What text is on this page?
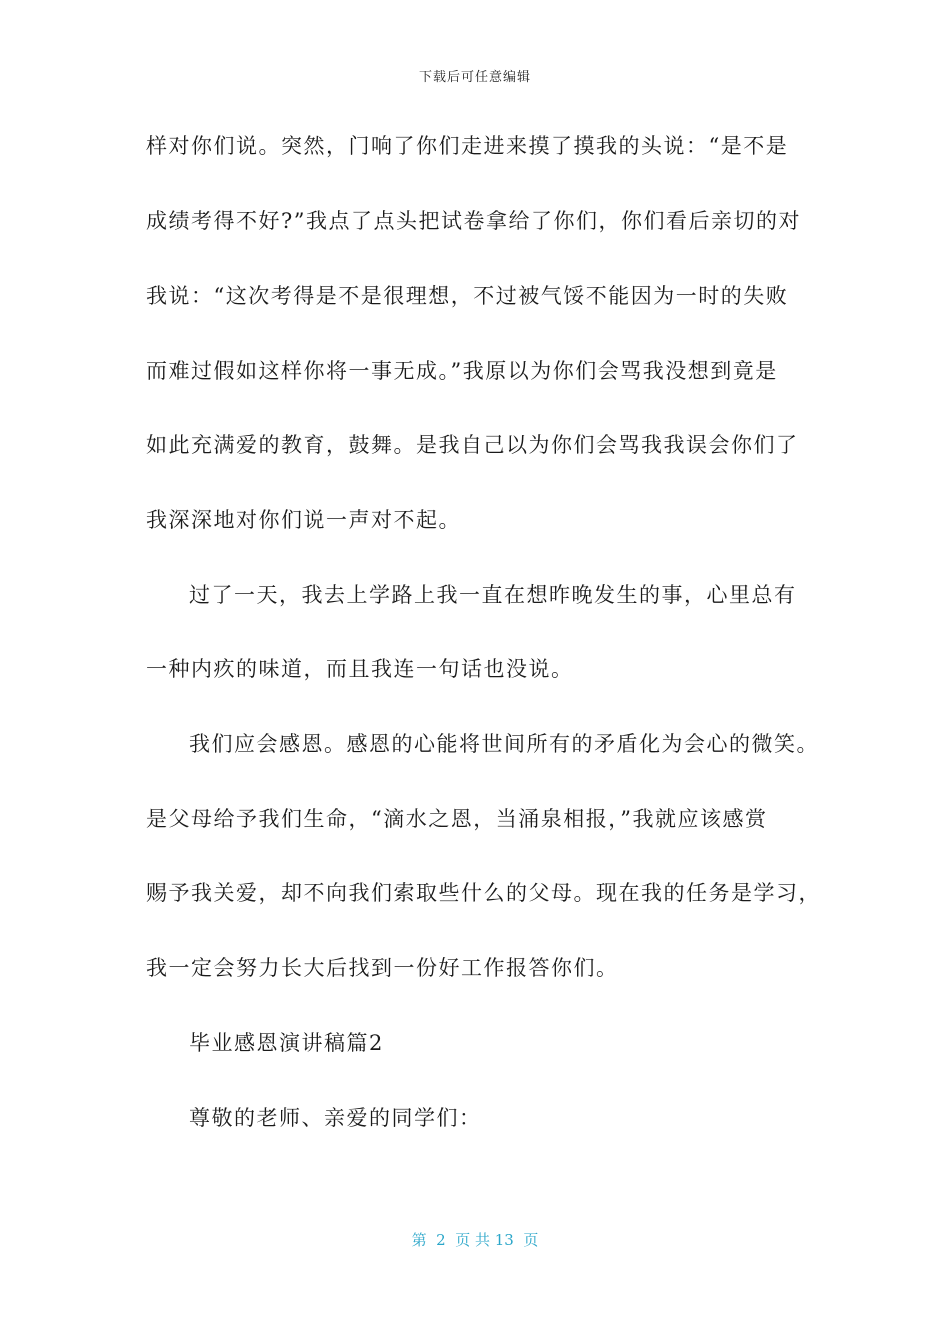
下载后可任意编辑
样对你们说。突然，门响了你们走进来摸了摸我的头说：“是不是
成绩考得不好?”我点了点头把试卷拿给了你们，你们看后亲切的对
我说：“这次考得是不是很理想，不过被气馁不能因为一时的失败
而难过假如这样你将一事无成。”我原以为你们会骂我没想到竟是
如此充满爱的教育，鼓舞。是我自己以为你们会骂我我误会你们了
我深深地对你们说一声对不起。
过了一天，我去上学路上我一直在想昨晚发生的事，心里总有
一种内疚的味道，而且我连一句话也没说。
我们应会感恩。感恩的心能将世间所有的矛盾化为会心的微笑。
是父母给予我们生命，“滴水之恩，当涌泉相报，”我就应该感赏
赐予我关爱，却不向我们索取些什么的父母。现在我的任务是学习，
我一定会努力长大后找到一份好工作报答你们。
毕业感恩演讲稿篇2
尊敬的老师、亲爱的同学们：
第  2  页 共 13  页
